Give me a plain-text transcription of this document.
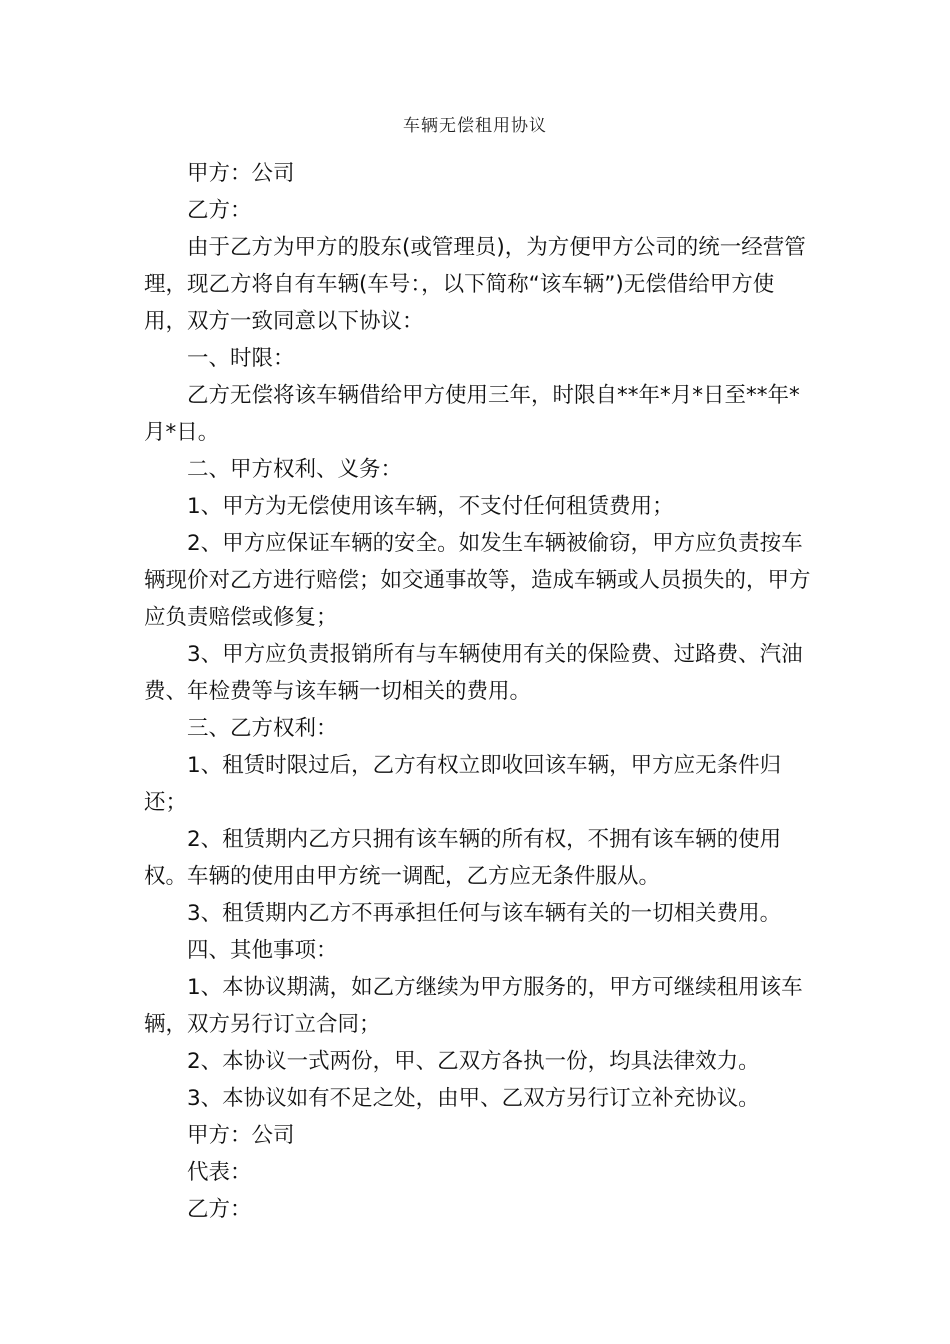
车辆无偿租用协议

甲方：公司

乙方：

由于乙方为甲方的股东(或管理员)，为方便甲方公司的统一经营管理，现乙方将自有车辆(车号：，以下简称“该车辆”)无偿借给甲方使用，双方一致同意以下协议：

一、时限：

乙方无偿将该车辆借给甲方使用三年，时限自**年*月*日至**年*月*日。

二、甲方权利、义务：

1、甲方为无偿使用该车辆，不支付任何租赁费用；

2、甲方应保证车辆的安全。如发生车辆被偷窃，甲方应负责按车辆现价对乙方进行赔偿；如交通事故等，造成车辆或人员损失的，甲方应负责赔偿或修复；

3、甲方应负责报销所有与车辆使用有关的保险费、过路费、汽油费、年检费等与该车辆一切相关的费用。

三、乙方权利：

1、租赁时限过后，乙方有权立即收回该车辆，甲方应无条件归还；

2、租赁期内乙方只拥有该车辆的所有权，不拥有该车辆的使用权。车辆的使用由甲方统一调配，乙方应无条件服从。

3、租赁期内乙方不再承担任何与该车辆有关的一切相关费用。

四、其他事项：

1、本协议期满，如乙方继续为甲方服务的，甲方可继续租用该车辆，双方另行订立合同；

2、本协议一式两份，甲、乙双方各执一份，均具法律效力。

3、本协议如有不足之处，由甲、乙双方另行订立补充协议。

甲方：公司

代表：

乙方：
